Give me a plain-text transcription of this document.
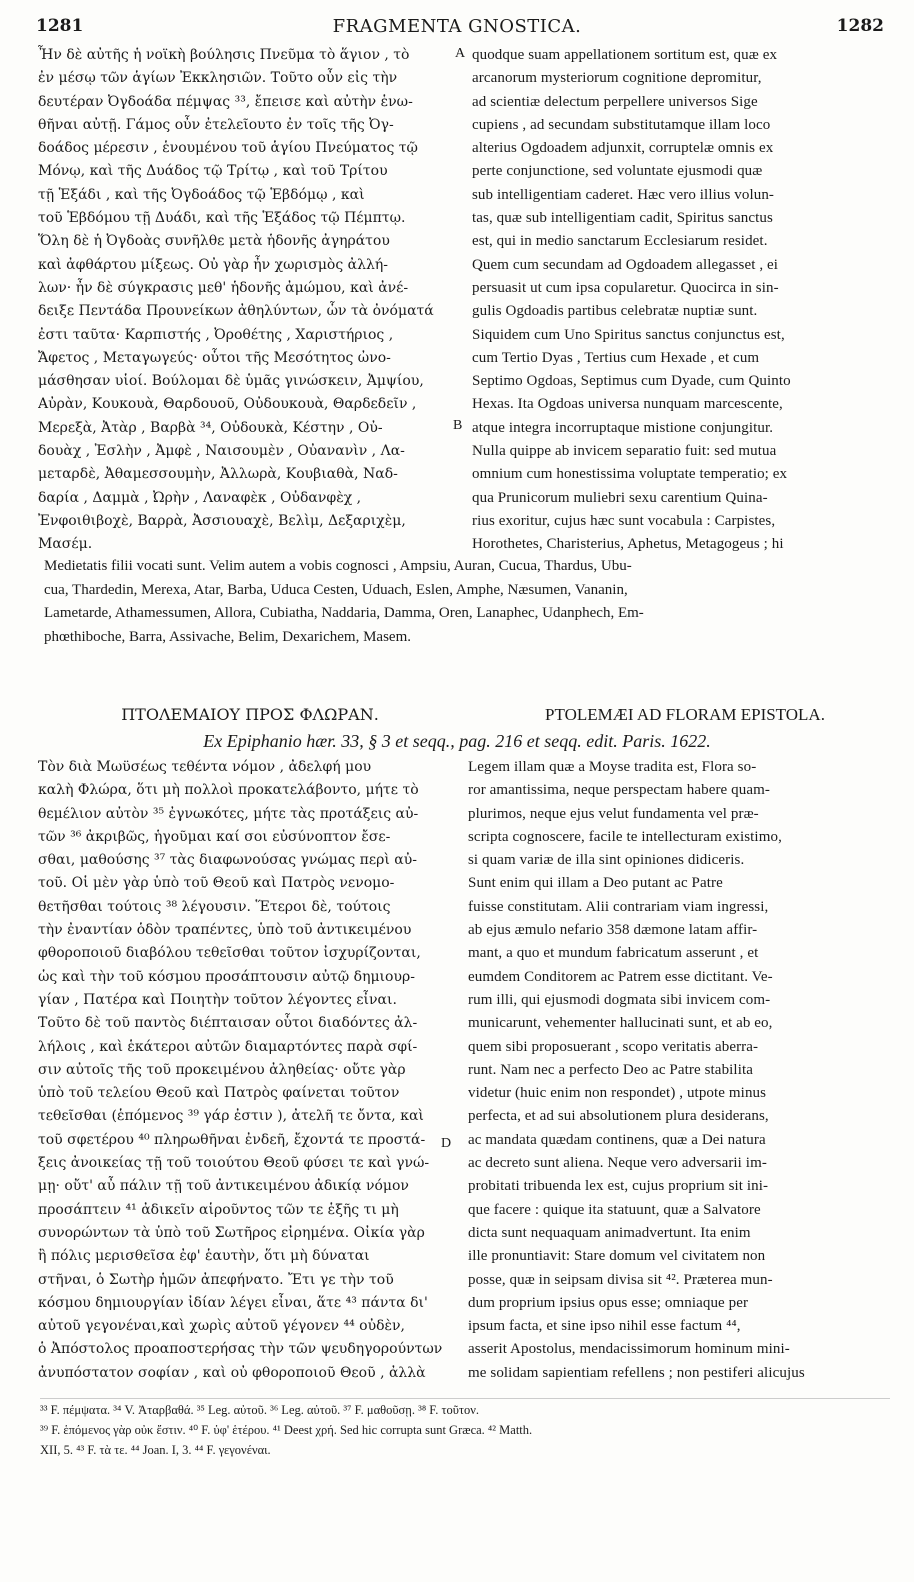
1281	FRAGMENTA GNOSTICA.	1282
Ἦν δὲ αὐτῆς ἡ νοϊκὴ βούλησις Πνεῦμα τὸ ἅγιον , τὸ
ἐν μέσῳ τῶν ἁγίων Ἐκκλησιῶν. Τοῦτο οὖν εἰς τὴν
δευτέραν Ὀγδοάδα πέμψας ³³, ἔπεισε καὶ αὐτὴν ἑνω-
θῆναι αὐτῇ. Γάμος οὖν ἐτελεῖουτο ἐν τοῖς τῆς Ὀγ-
δοάδος μέρεσιν , ἑνουμένου τοῦ ἁγίου Πνεύματος τῷ
Μόνῳ, καὶ τῆς Δυάδος τῷ Τρίτῳ , καὶ τοῦ Τρίτου
τῇ Ἑξάδι , καὶ τῆς Ὀγδοάδος τῷ Ἑβδόμῳ , καὶ
τοῦ Ἑβδόμου τῇ Δυάδι, καὶ τῆς Ἑξάδος τῷ Πέμπτῳ.
Ὅλη δὲ ἡ Ὀγδοὰς συνῆλθε μετὰ ἡδονῆς ἀγηράτου
καὶ ἀφθάρτου μίξεως. Οὐ γὰρ ἦν χωρισμὸς ἀλλή-
λων· ἦν δὲ σύγκρασις μεθ' ἡδονῆς ἀμώμου, καὶ ἀνέ-
δειξε Πεντάδα Προυνείκων ἀθηλύντων, ὧν τὰ ὀνόματά
ἐστι ταῦτα· Καρπιστής , Ὀροθέτης , Χαριστήριος ,
Ἄφετος , Μεταγωγεύς· οὗτοι τῆς Μεσότητος ὠνο-
μάσθησαν υἱοί. Βούλομαι δὲ ὑμᾶς γινώσκειν, Ἀμψίου,
Αὐρὰν, Κουκουὰ, Θαρδουοῦ, Οὐδουκουὰ, Θαρδεδεῖν ,
Μερεξὰ, Ἀτὰρ , Βαρβὰ ³⁴, Οὐδουκὰ, Κέστην , Οὐ-
δουὰχ , Ἐσλὴν , Ἀμφὲ , Ναισουμὲν , Οὐανανὶν , Λα-
μεταρδὲ, Ἀθαμεσσουμὴν, Ἀλλωρὰ, Κουβιαθὰ, Ναδ-
δαρία , Δαμμὰ , Ὠρὴν , Λαναφὲκ , Οὐδανφὲχ ,
Ἐνφοιθιβοχὲ, Βαρρὰ, Ἀσσιουαχὲ, Βελὶμ, Δεξαριχὲμ,
Μασέμ.
quodque suam appellationem sortitum est, quæ ex
arcanorum mysteriorum cognitione depromitur,
ad scientiæ delectum perpellere universos Sige
cupiens , ad secundam substitutamque illam loco
alterius Ogdoadem adjunxit, corruptelæ omnis ex
perte conjunctione, sed voluntate ejusmodi quæ
sub intelligentiam caderet. Hæc vero illius volun-
tas, quæ sub intelligentiam cadit, Spiritus sanctus
est, qui in medio sanctarum Ecclesiarum residet.
Quem cum secundam ad Ogdoadem allegasset , ei
persuasit ut cum ipsa copularetur. Quocirca in sin-
gulis Ogdoadis partibus celebratæ nuptiæ sunt.
Siquidem cum Uno Spiritus sanctus conjunctus est,
cum Tertio Dyas , Tertius cum Hexade , et cum
Septimo Ogdoas, Septimus cum Dyade, cum Quinto
Hexas. Ita Ogdoas universa nunquam marcescente,
atque integra incorruptaque mistione conjungitur.
Nulla quippe ab invicem separatio fuit: sed mutua
omnium cum honestissima voluptate temperatio; ex
qua Prunicorum muliebri sexu carentium Quina-
rius exoritur, cujus hæc sunt vocabula : Carpistes,
Horothetes, Charisterius, Aphetus, Metagogeus ; hi
A
B
D
Medietatis filii vocati sunt. Velim autem a vobis cognosci , Ampsiu, Auran, Cucua, Thardus, Ubu-
cua, Thardedin, Merexa, Atar, Barba, Uduca Cesten, Uduach, Eslen, Amphe, Næsumen, Vananin,
Lametarde, Athamessumen, Allora, Cubiatha, Naddaria, Damma, Oren, Lanaphec, Udanphech, Em-
phœthiboche, Barra, Assivache, Belim, Dexarichem, Masem.
ΠΤΟΛΕΜΑΙΟΥ ΠΡΟΣ ΦΛΩΡΑΝ.	PTOLEMÆI AD FLORAM EPISTOLA.
Ex Epiphanio hær. 33, § 3 et seqq., pag. 216 et seqq. edit. Paris. 1622.
Τὸν διὰ Μωϋσέως τεθέντα νόμον , ἀδελφή μου
καλὴ Φλώρα, ὅτι μὴ πολλοὶ προκατελάβοντο, μήτε τὸ
θεμέλιον αὐτὸν ³⁵ ἐγνωκότες, μήτε τὰς προτάξεις αὐ-
τῶν ³⁶ ἀκριβῶς, ἡγοῦμαι καί σοι εὐσύνοπτον ἔσε-
σθαι, μαθούσης ³⁷ τὰς διαφωνούσας γνώμας περὶ αὐ-
τοῦ. Οἱ μὲν γὰρ ὑπὸ τοῦ Θεοῦ καὶ Πατρὸς νενομο-
θετῆσθαι τούτοις ³⁸ λέγουσιν. Ἕτεροι δὲ, τούτοις
τὴν ἐναντίαν ὁδὸν τραπέντες, ὑπὸ τοῦ ἀντικειμένου
φθοροποιοῦ διαβόλου τεθεῖσθαι τοῦτον ἰσχυρίζονται,
ὡς καὶ τὴν τοῦ κόσμου προσάπτουσιν αὐτῷ δημιουρ-
γίαν , Πατέρα καὶ Ποιητὴν τοῦτον λέγοντες εἶναι.
Τοῦτο δὲ τοῦ παντὸς διέπταισαν οὗτοι διαδόντες ἀλ-
λήλοις , καὶ ἑκάτεροι αὐτῶν διαμαρτόντες παρὰ σφί-
σιν αὐτοῖς τῆς τοῦ προκειμένου ἀληθείας· οὔτε γὰρ
ὑπὸ τοῦ τελείου Θεοῦ καὶ Πατρὸς φαίνεται τοῦτον
τεθεῖσθαι (ἑπόμενος ³⁹ γάρ ἐστιν ), ἀτελῆ τε ὄντα, καὶ
τοῦ σφετέρου ⁴⁰ πληρωθῆναι ἐνδεῆ, ἔχοντά τε προστά-
ξεις ἀνοικείας τῇ τοῦ τοιούτου Θεοῦ φύσει τε καὶ γνώ-
μῃ· οὔτ' αὖ πάλιν τῇ τοῦ ἀντικειμένου ἀδικίᾳ νόμον
προσάπτειν ⁴¹ ἀδικεῖν αἱροῦντος τῶν τε ἑξῆς τι μὴ
συνορώντων τὰ ὑπὸ τοῦ Σωτῆρος εἰρημένα. Οἰκία γὰρ
ἢ πόλις μερισθεῖσα ἐφ' ἑαυτὴν, ὅτι μὴ δύναται
στῆναι, ὁ Σωτὴρ ἡμῶν ἀπεφήνατο. Ἔτι γε τὴν τοῦ
κόσμου δημιουργίαν ἰδίαν λέγει εἶναι, ἅτε ⁴³ πάντα δι'
αὐτοῦ γεγονέναι,καὶ χωρὶς αὐτοῦ γέγονεν ⁴⁴ οὐδὲν,
ὁ Ἀπόστολος προαποστερήσας τὴν τῶν ψευδηγορούντων
ἀνυπόστατον σοφίαν , καὶ οὐ φθοροποιοῦ Θεοῦ , ἀλλὰ
Legem illam quæ a Moyse tradita est, Flora so-
ror amantissima, neque perspectam habere quam-
plurimos, neque ejus velut fundamenta vel præ-
scripta cognoscere, facile te intellecturam existimo,
si quam variæ de illa sint opiniones didiceris.
Sunt enim qui illam a Deo putant ac Patre
fuisse constitutam. Alii contrariam viam ingressi,
ab ejus æmulo nefario 358 dæmone latam affir-
mant, a quo et mundum fabricatum asserunt , et
eumdem Conditorem ac Patrem esse dictitant. Ve-
rum illi, qui ejusmodi dogmata sibi invicem com-
municarunt, vehementer hallucinati sunt, et ab eo,
quem sibi proposuerant , scopo veritatis aberra-
runt. Nam nec a perfecto Deo ac Patre stabilita
videtur (huic enim non respondet) , utpote minus
perfecta, et ad sui absolutionem plura desiderans,
ac mandata quædam continens, quæ a Dei natura
ac decreto sunt aliena. Neque vero adversarii im-
probitati tribuenda lex est, cujus proprium sit ini-
que facere : quique ita statuunt, quæ a Salvatore
dicta sunt nequaquam animadvertunt. Ita enim
ille pronuntiavit: Stare domum vel civitatem non
posse, quæ in seipsam divisa sit ⁴². Præterea mun-
dum proprium ipsius opus esse; omniaque per
ipsum facta, et sine ipso nihil esse factum ⁴⁴,
asserit Apostolus, mendacissimorum hominum mini-
me solidam sapientiam refellens ; non pestiferi alicujus
³³ F. πέμψατα. ³⁴ V. Ἀταρβαθά. ³⁵ Leg. αὐτοῦ. ³⁶ Leg. αὐτοῦ. ³⁷ F. μαθοῦσῃ. ³⁸ F. τοῦτον.
³⁹ F. ἑπόμενος γὰρ οὐκ ἔστιν. ⁴⁰ F. ὑφ' ἑτέρου. ⁴¹ Deest χρή. Sed hic corrupta sunt Græca. ⁴² Matth.
XII, 5. ⁴³ F. τὰ τε. ⁴⁴ Joan. I, 3. ⁴⁴ F. γεγονέναι.
